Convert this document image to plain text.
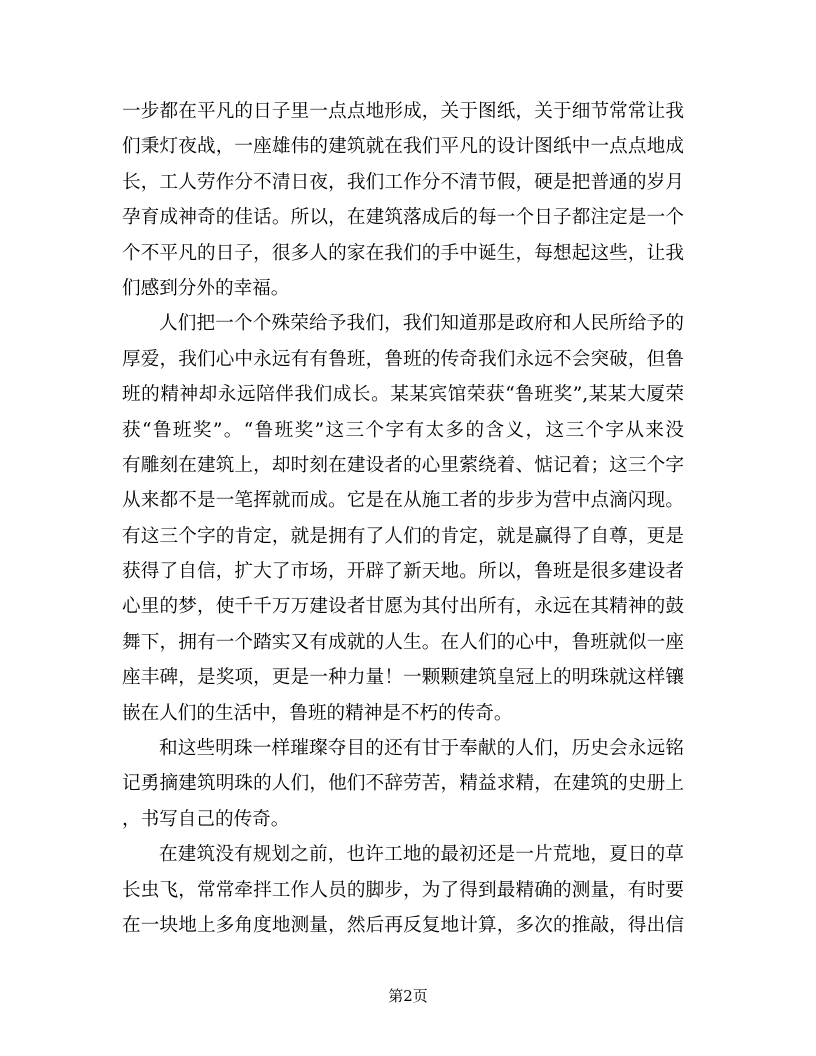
一步都在平凡的日子里一点点地形成，关于图纸，关于细节常常让我
们秉灯夜战，一座雄伟的建筑就在我们平凡的设计图纸中一点点地成
长，工人劳作分不清日夜，我们工作分不清节假，硬是把普通的岁月
孕育成神奇的佳话。所以，在建筑落成后的每一个日子都注定是一个
个不平凡的日子，很多人的家在我们的手中诞生，每想起这些，让我
们感到分外的幸福。
人们把一个个殊荣给予我们，我们知道那是政府和人民所给予的
厚爱，我们心中永远有有鲁班，鲁班的传奇我们永远不会突破，但鲁
班的精神却永远陪伴我们成长。某某宾馆荣获“鲁班奖”,某某大厦荣
获“鲁班奖”。“鲁班奖”这三个字有太多的含义，这三个字从来没
有雕刻在建筑上，却时刻在建设者的心里萦绕着、惦记着；这三个字
从来都不是一笔挥就而成。它是在从施工者的步步为营中点滴闪现。
有这三个字的肯定，就是拥有了人们的肯定，就是赢得了自尊，更是
获得了自信，扩大了市场，开辟了新天地。所以，鲁班是很多建设者
心里的梦，使千千万万建设者甘愿为其付出所有，永远在其精神的鼓
舞下，拥有一个踏实又有成就的人生。在人们的心中，鲁班就似一座
座丰碑，是奖项，更是一种力量！一颗颗建筑皇冠上的明珠就这样镶
嵌在人们的生活中，鲁班的精神是不朽的传奇。
和这些明珠一样璀璨夺目的还有甘于奉献的人们，历史会永远铭
记勇摘建筑明珠的人们，他们不辞劳苦，精益求精，在建筑的史册上
，书写自己的传奇。
在建筑没有规划之前，也许工地的最初还是一片荒地，夏日的草
长虫飞，常常牵拌工作人员的脚步，为了得到最精确的测量，有时要
在一块地上多角度地测量，然后再反复地计算，多次的推敲，得出信
第2页
